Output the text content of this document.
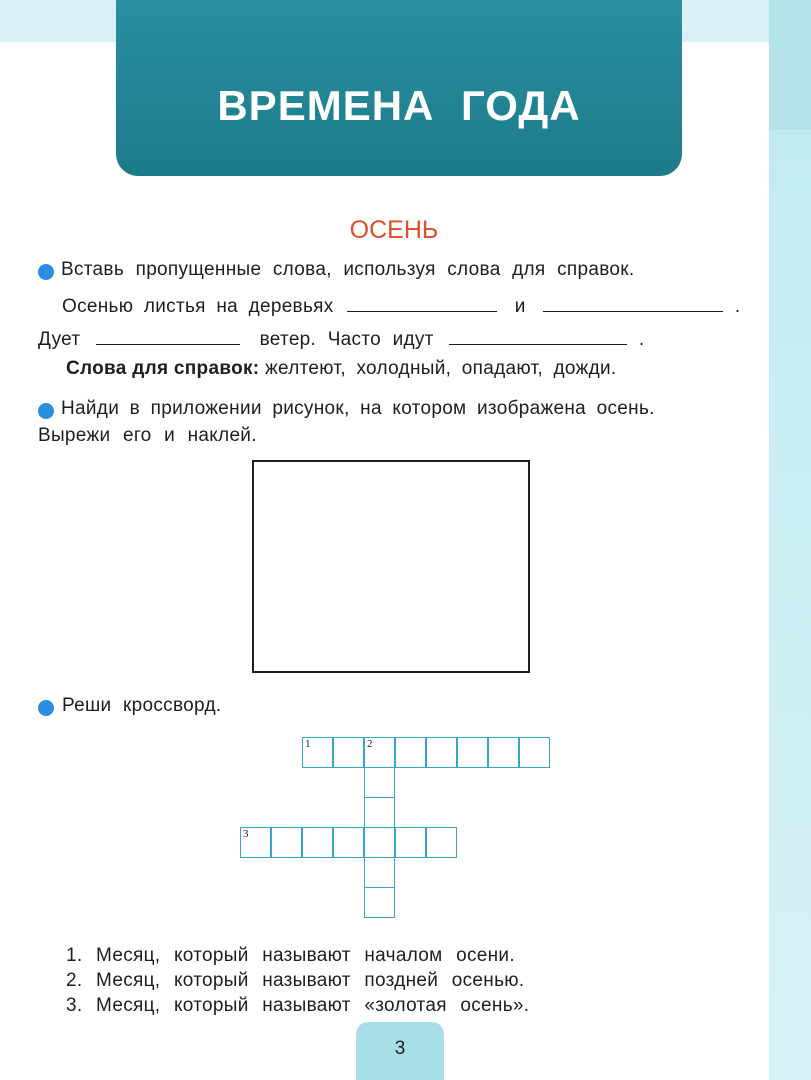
ВРЕМЕНА ГОДА
ОСЕНЬ
Вставь пропущенные слова, используя слова для справок.
Осенью листья на деревьях	и	.
Дует	ветер. Часто идут	.
Слова для справок: желтеют, холодный, опадают, дожди.
Найди в приложении рисунок, на котором изображена осень.
Вырежи его и наклей.
Реши кроссворд.
1	2
3
1. Месяц, который называют началом осени.
2. Месяц, который называют поздней осенью.
3. Месяц, который называют «золотая осень».
3
